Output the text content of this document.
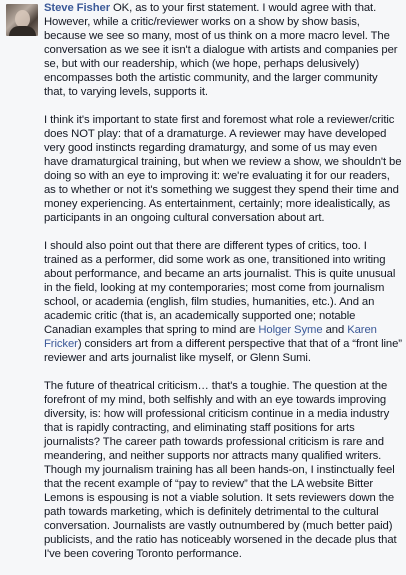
Steve Fisher OK, as to your first statement. I would agree with that. However, while a critic/reviewer works on a show by show basis, because we see so many, most of us think on a more macro level. The conversation as we see it isn't a dialogue with artists and companies per se, but with our readership, which (we hope, perhaps delusively) encompasses both the artistic community, and the larger community that, to varying levels, supports it.

I think it's important to state first and foremost what role a reviewer/critic does NOT play: that of a dramaturge. A reviewer may have developed very good instincts regarding dramaturgy, and some of us may even have dramaturgical training, but when we review a show, we shouldn't be doing so with an eye to improving it: we're evaluating it for our readers, as to whether or not it's something we suggest they spend their time and money experiencing. As entertainment, certainly; more idealistically, as participants in an ongoing cultural conversation about art.

I should also point out that there are different types of critics, too. I trained as a performer, did some work as one, transitioned into writing about performance, and became an arts journalist. This is quite unusual in the field, looking at my contemporaries; most come from journalism school, or academia (english, film studies, humanities, etc.). And an academic critic (that is, an academically supported one; notable Canadian examples that spring to mind are Holger Syme and Karen Fricker) considers art from a different perspective that that of a “front line” reviewer and arts journalist like myself, or Glenn Sumi.

The future of theatrical criticism… that's a toughie. The question at the forefront of my mind, both selfishly and with an eye towards improving diversity, is: how will professional criticism continue in a media industry that is rapidly contracting, and eliminating staff positions for arts journalists? The career path towards professional criticism is rare and meandering, and neither supports nor attracts many qualified writers. Though my journalism training has all been hands-on, I instinctually feel that the recent example of “pay to review” that the LA website Bitter Lemons is espousing is not a viable solution. It sets reviewers down the path towards marketing, which is definitely detrimental to the cultural conversation. Journalists are vastly outnumbered by (much better paid) publicists, and the ratio has noticeably worsened in the decade plus that I've been covering Toronto performance.
